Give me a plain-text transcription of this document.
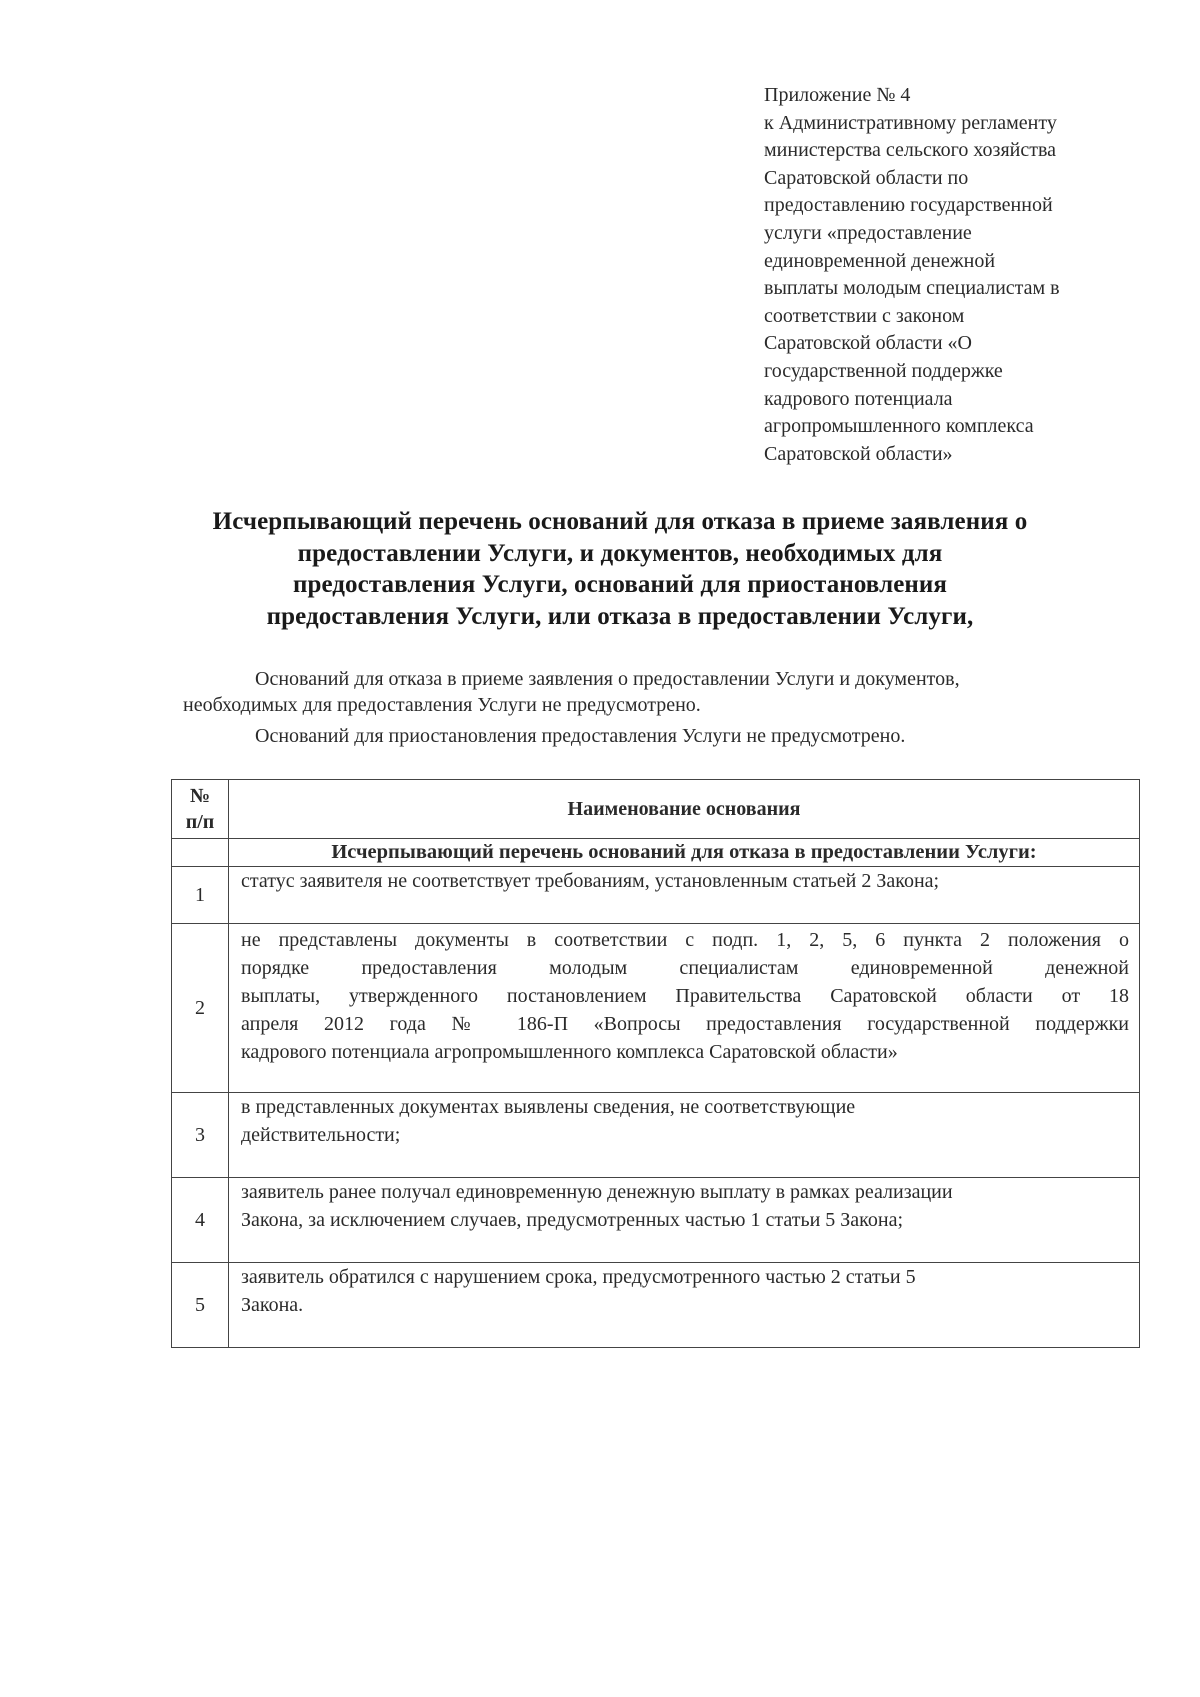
Приложение № 4
к Административному регламенту
министерства сельского хозяйства
Саратовской области по
предоставлению государственной
услуги «предоставление
единовременной денежной
выплаты молодым специалистам в
соответствии с законом
Саратовской области «О
государственной поддержке
кадрового потенциала
агропромышленного комплекса
Саратовской области»
Исчерпывающий перечень оснований для отказа в приеме заявления о
предоставлении Услуги, и документов, необходимых для
предоставления Услуги, оснований для приостановления
предоставления Услуги, или отказа в предоставлении Услуги,
Оснований для отказа в приеме заявления о предоставлении Услуги и документов,
необходимых для предоставления Услуги не предусмотрено.
Оснований для приостановления предоставления Услуги не предусмотрено.
№
п/п	Наименование основания
	Исчерпывающий перечень оснований для отказа в предоставлении Услуги:
1	статус заявителя не соответствует требованиям, установленным статьей 2 Закона;

2	не представлены документы в соответствии с подп. 1, 2, 5, 6 пункта 2 положения о
порядке предоставления молодым специалистам единовременной денежной
выплаты, утвержденного постановлением Правительства Саратовской области от 18
апреля 2012 года № 186-П «Вопросы предоставления государственной поддержки
кадрового потенциала агропромышленного комплекса Саратовской области»

3	в представленных документах выявлены сведения, не соответствующие
действительности;

4	заявитель ранее получал единовременную денежную выплату в рамках реализации
Закона, за исключением случаев, предусмотренных частью 1 статьи 5 Закона;

5	заявитель обратился с нарушением срока, предусмотренного частью 2 статьи 5
Закона.
